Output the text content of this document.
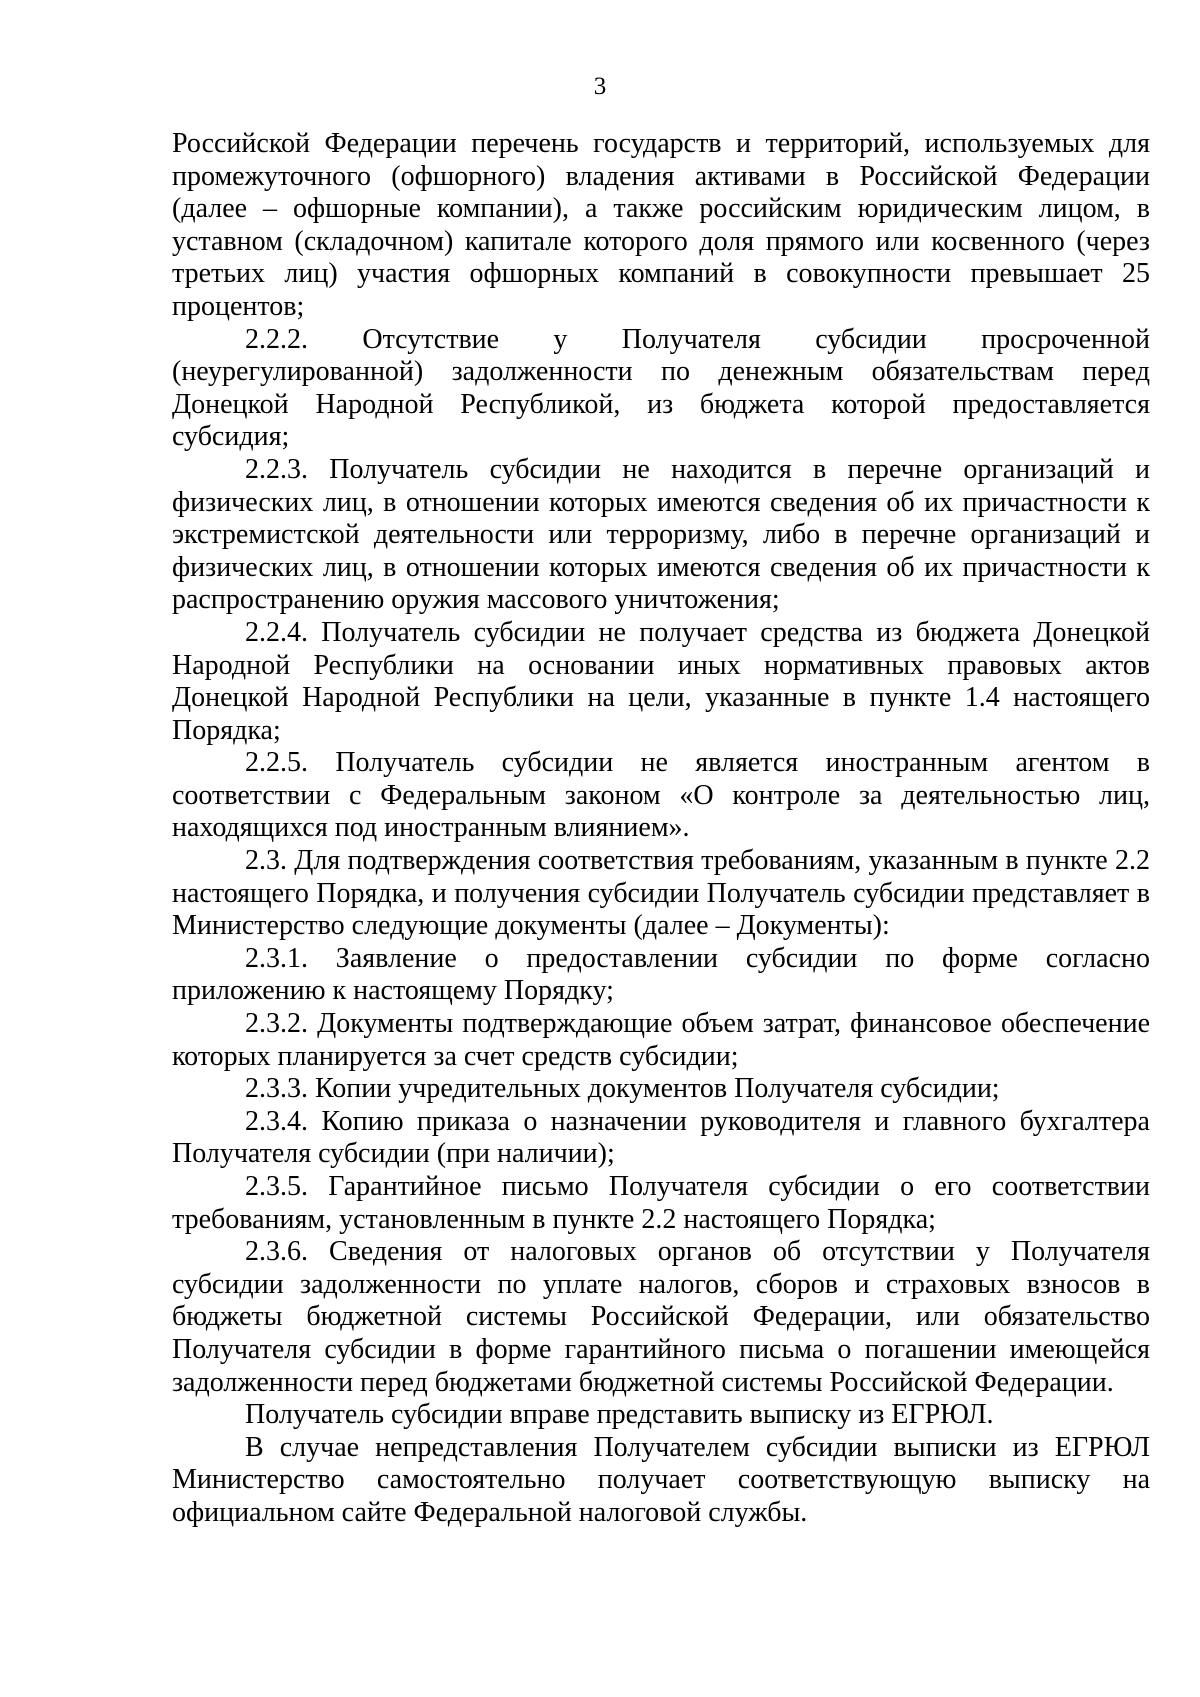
3

Российской Федерации перечень государств и территорий, используемых для промежуточного (офшорного) владения активами в Российской Федерации (далее – офшорные компании), а также российским юридическим лицом, в уставном (складочном) капитале которого доля прямого или косвенного (через третьих лиц) участия офшорных компаний в совокупности превышает 25 процентов;

2.2.2. Отсутствие у Получателя субсидии просроченной (неурегулированной) задолженности по денежным обязательствам перед Донецкой Народной Республикой, из бюджета которой предоставляется субсидия;

2.2.3. Получатель субсидии не находится в перечне организаций и физических лиц, в отношении которых имеются сведения об их причастности к экстремистской деятельности или терроризму, либо в перечне организаций и физических лиц, в отношении которых имеются сведения об их причастности к распространению оружия массового уничтожения;

2.2.4. Получатель субсидии не получает средства из бюджета Донецкой Народной Республики на основании иных нормативных правовых актов Донецкой Народной Республики на цели, указанные в пункте 1.4 настоящего Порядка;

2.2.5. Получатель субсидии не является иностранным агентом в соответствии с Федеральным законом «О контроле за деятельностью лиц, находящихся под иностранным влиянием».

2.3. Для подтверждения соответствия требованиям, указанным в пункте 2.2 настоящего Порядка, и получения субсидии Получатель субсидии представляет в Министерство следующие документы (далее – Документы):

2.3.1. Заявление о предоставлении субсидии по форме согласно приложению к настоящему Порядку;

2.3.2. Документы подтверждающие объем затрат, финансовое обеспечение которых планируется за счет средств субсидии;

2.3.3. Копии учредительных документов Получателя субсидии;

2.3.4. Копию приказа о назначении руководителя и главного бухгалтера Получателя субсидии (при наличии);

2.3.5. Гарантийное письмо Получателя субсидии о его соответствии требованиям, установленным в пункте 2.2 настоящего Порядка;

2.3.6. Сведения от налоговых органов об отсутствии у Получателя субсидии задолженности по уплате налогов, сборов и страховых взносов в бюджеты бюджетной системы Российской Федерации, или обязательство Получателя субсидии в форме гарантийного письма о погашении имеющейся задолженности перед бюджетами бюджетной системы Российской Федерации.

Получатель субсидии вправе представить выписку из ЕГРЮЛ.

В случае непредставления Получателем субсидии выписки из ЕГРЮЛ Министерство самостоятельно получает соответствующую выписку на официальном сайте Федеральной налоговой службы.
